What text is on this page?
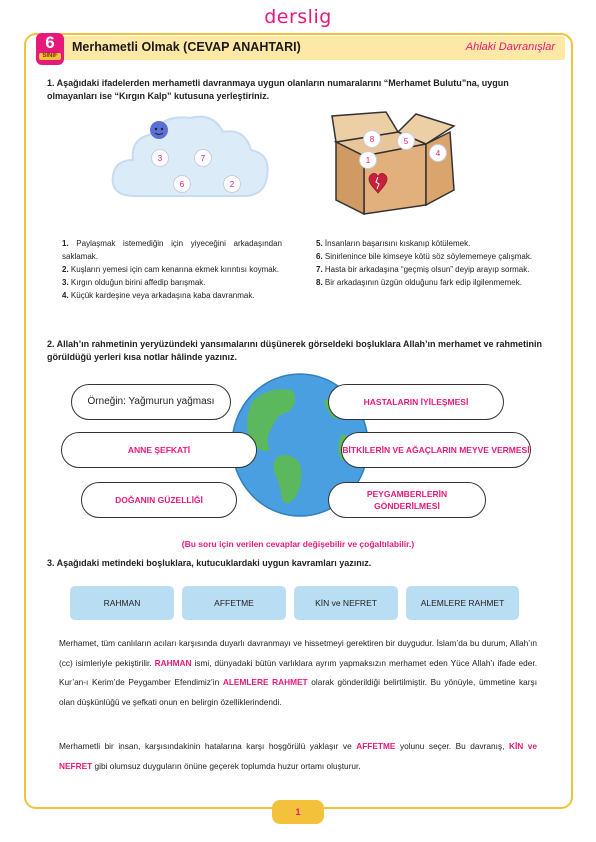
derslig
6
SINIF
Merhametli Olmak (CEVAP ANAHTARI)	Ahlaki Davranışlar
1. Aşağıdaki ifadelerden merhametli davranmaya uygun olanların numaralarını “Merhamet Bulutu”na, uygun olmayanları ise “Kırgın Kalp” kutusuna yerleştiriniz.
3	7
6	2
8	5
1
4

1. Paylaşmak istemediğin için yiyeceğini arkadaşından saklamak.

2. Kuşların yemesi için cam kenarına ekmek kırıntısı koymak.

3. Kırgın olduğun birini affedip barışmak.

4. Küçük kardeşine veya arkadaşına kaba davranmak.

5. İnsanların başarısını kıskanıp kötülemek.

6. Sinirlenince bile kimseye kötü söz söylememeye çalışmak.

7. Hasta bir arkadaşına “geçmiş olsun” deyip arayıp sormak.

8. Bir arkadaşının üzgün olduğunu fark edip ilgilenmemek.

2. Allah’ın rahmetinin yeryüzündeki yansımalarını düşünerek görseldeki boşluklara Allah’ın merhamet ve rahmetinin görüldüğü yerleri kısa notlar hâlinde yazınız.
Örneğin: Yağmurun yağması
ANNE ŞEFKATİ
DOĞANIN GÜZELLİĞİ
HASTALARIN İYİLEŞMESİ
BİTKİLERİN VE AĞAÇLARIN MEYVE VERMESİ
PEYGAMBERLERİN GÖNDERİLMESİ
(Bu soru için verilen cevaplar değişebilir ve çoğaltılabilir.)
3. Aşağıdaki metindeki boşluklara, kutucuklardaki uygun kavramları yazınız.
RAHMAN	AFFETME	KİN ve NEFRET	ALEMLERE RAHMET
Merhamet, tüm canlıların acıları karşısında duyarlı davranmayı ve hissetmeyi gerektiren bir duygudur. İslam’da bu durum, Allah’ın (cc) isimleriyle pekiştirilir. RAHMAN ismi, dünyadaki bütün varlıklara ayrım yapmaksızın merhamet eden Yüce Allah’ı ifade eder. Kur’an-ı Kerim’de Peygamber Efendimiz’in ALEMLERE RAHMET olarak gönderildiği belirtilmiştir. Bu yönüyle, ümmetine karşı olan düşkünlüğü ve şefkati onun en belirgin özelliklerindendi.
Merhametli bir insan, karşısındakinin hatalarına karşı hoşgörülü yaklaşır ve AFFETME yolunu seçer. Bu davranış, KİN ve NEFRET gibi olumsuz duyguların önüne geçerek toplumda huzur ortamı oluşturur.
1
